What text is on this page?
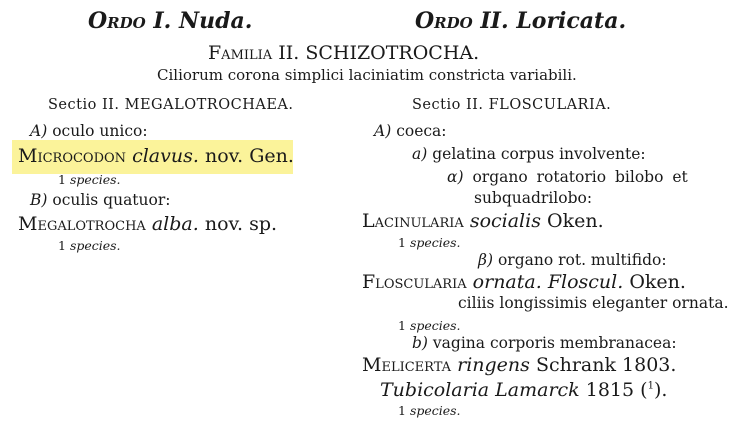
Ordo I. Nuda.	Ordo II. Loricata.
Familia II. SCHIZOTROCHA.
Ciliorum corona simplici laciniatim constricta variabili.
Sectio II. MEGALOTROCHAEA.
A) oculo unico:
Microcodon clavus. nov. Gen.
1 species.
B) oculis quatuor:
Megalotrocha alba. nov. sp.
1 species.
Sectio II. FLOSCULARIA.
A) coeca:
a) gelatina corpus involvente:
α) organo rotatorio bilobo et
subquadrilobo:
Lacinularia socialis Oken.
1 species.
β) organo rot. multifido:
Floscularia ornata. Floscul. Oken.
ciliis longissimis eleganter ornata.
1 species.
b) vagina corporis membranacea:
Melicerta ringens Schrank 1803.
Tubicolaria Lamarck 1815 ($^1$).
1 species.
